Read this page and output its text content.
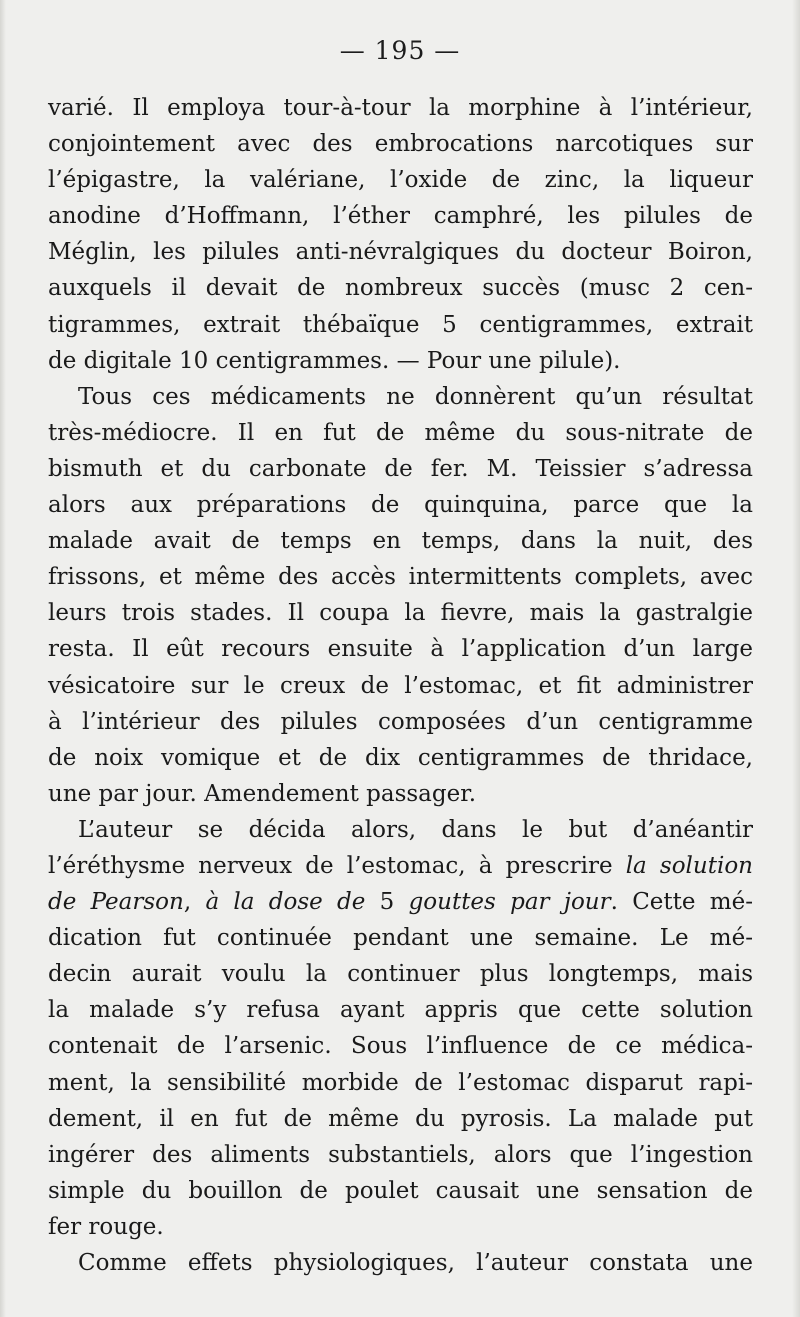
— 195 —
varié. Il employa tour-à-tour la morphine à l’intérieur,
conjointement avec des embrocations narcotiques sur
l’épigastre, la valériane, l’oxide de zinc, la liqueur
anodine d’Hoffmann, l’éther camphré, les pilules de
Méglin, les pilules anti-névralgiques du docteur Boiron,
auxquels il devait de nombreux succès (musc 2 cen-
tigrammes, extrait thébaïque 5 centigrammes, extrait
de digitale 10 centigrammes. — Pour une pilule).
Tous ces médicaments ne donnèrent qu’un résultat
très-médiocre. Il en fut de même du sous-nitrate de
bismuth et du carbonate de fer. M. Teissier s’adressa
alors aux préparations de quinquina, parce que la
malade avait de temps en temps, dans la nuit, des
frissons, et même des accès intermittents complets, avec
leurs trois stades. Il coupa la fievre, mais la gastralgie
resta. Il eût recours ensuite à l’application d’un large
vésicatoire sur le creux de l’estomac, et fit administrer
à l’intérieur des pilules composées d’un centigramme
de noix vomique et de dix centigrammes de thridace,
une par jour. Amendement passager.
L’auteur se décida alors, dans le but d’anéantir
l’éréthysme nerveux de l’estomac, à prescrire la solution
de Pearson, à la dose de 5 gouttes par jour. Cette mé-
dication fut continuée pendant une semaine. Le mé-
decin aurait voulu la continuer plus longtemps, mais
la malade s’y refusa ayant appris que cette solution
contenait de l’arsenic. Sous l’influence de ce médica-
ment, la sensibilité morbide de l’estomac disparut rapi-
dement, il en fut de même du pyrosis. La malade put
ingérer des aliments substantiels, alors que l’ingestion
simple du bouillon de poulet causait une sensation de
fer rouge.
Comme effets physiologiques, l’auteur constata une
